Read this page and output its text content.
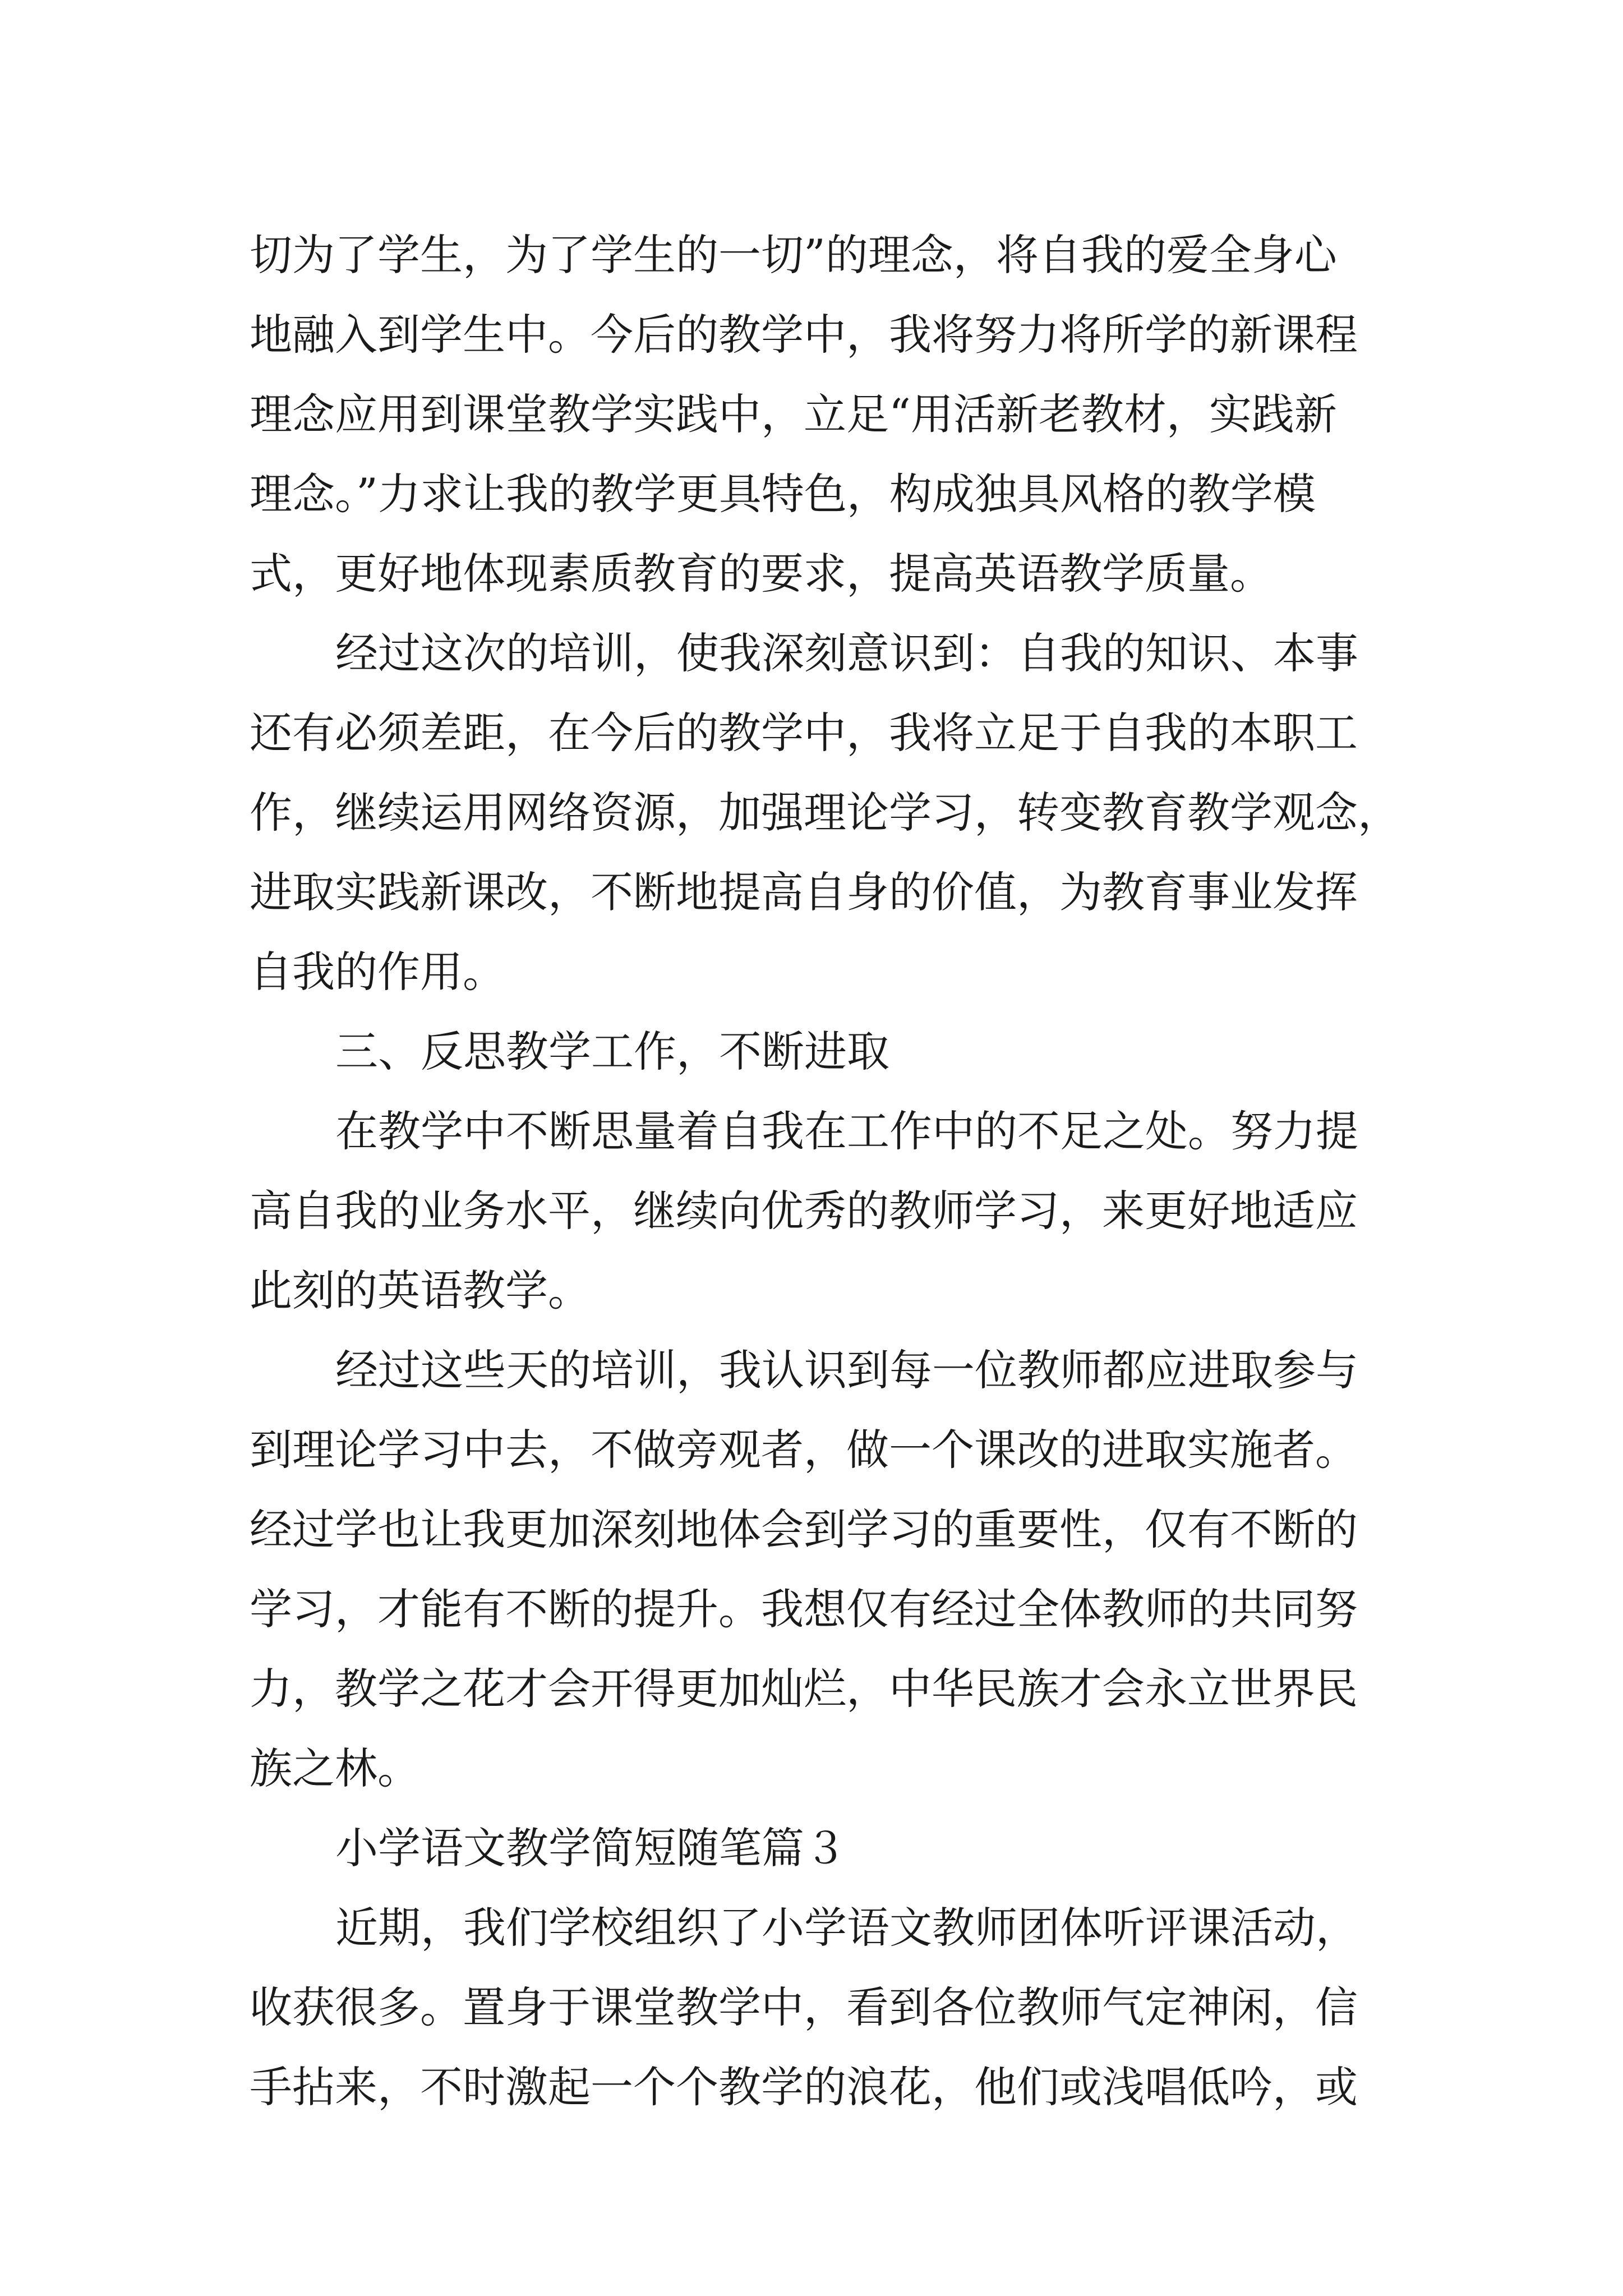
切为了学生，为了学生的一切”的理念，将自我的爱全身心
地融入到学生中。今后的教学中，我将努力将所学的新课程
理念应用到课堂教学实践中，立足“用活新老教材，实践新
理念。”力求让我的教学更具特色，构成独具风格的教学模
式，更好地体现素质教育的要求，提高英语教学质量。
经过这次的培训，使我深刻意识到：自我的知识、本事
还有必须差距，在今后的教学中，我将立足于自我的本职工
作，继续运用网络资源，加强理论学习，转变教育教学观念，
进取实践新课改，不断地提高自身的价值，为教育事业发挥
自我的作用。
三、反思教学工作，不断进取
在教学中不断思量着自我在工作中的不足之处。努力提
高自我的业务水平，继续向优秀的教师学习，来更好地适应
此刻的英语教学。
经过这些天的培训，我认识到每一位教师都应进取参与
到理论学习中去，不做旁观者，做一个课改的进取实施者。
经过学也让我更加深刻地体会到学习的重要性，仅有不断的
学习，才能有不断的提升。我想仅有经过全体教师的共同努
力，教学之花才会开得更加灿烂，中华民族才会永立世界民
族之林。
小学语文教学简短随笔篇３
近期，我们学校组织了小学语文教师团体听评课活动，
收获很多。置身于课堂教学中，看到各位教师气定神闲，信
手拈来，不时激起一个个教学的浪花，他们或浅唱低吟，或
